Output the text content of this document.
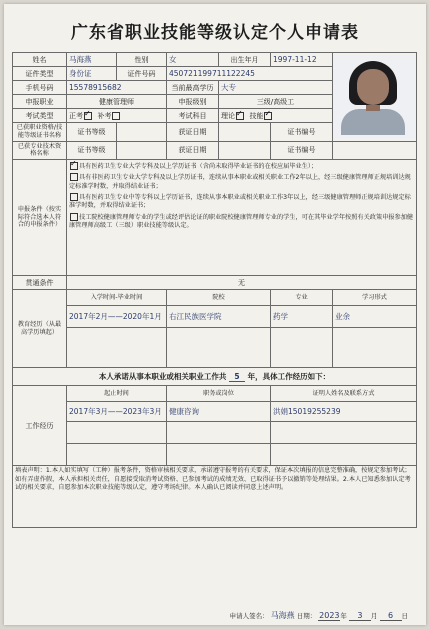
广东省职业技能等级认定个人申请表
姓名	马海燕	性别	女	出生年月	1997-11-12	

证件类型	身份证	证件号码	450721199711122245			
手机号码	15578915682		当前最高学历	大专		
申报职业	健康管理师		申报级别	三级/高级工		
考试类型	正考 ✓ 补考		考试科目	理论 ✓ 技能✓
已获职业资格/技能等级证书名称	证书等级		获证日期		证书编号	
已获专业技术资格名称	证书等级		获证日期		证书编号	
申报条件（按实际符合选本人符合的申报条件）	
✓具有医药卫生专业大学专科及以上学历证书（含尚未取得毕业证书的在校应届毕业生）；
具有非医药卫生专业大学专科及以上学历证书，连续从事本职业或相关职业工作2年以上，经三级健康管理师正规培训达规定标准学时数，并取得结业证书；
具有医药卫生专业中等专科以上学历证书，连续从事本职业或相关职业工作3年以上，经三级健康管理师正规培训达规定标准学时数，并取得结业证书；
技工院校健康管理师专业的学生或经评估论证的职业院校健康管理师专业的学生，可在其毕业学年按照有关政策申报参加健康管理师高级工（三级）职业技能等级认定。

贯通条件	无					
教育经历（从最高学历填起）	入学时间-毕业时间		院校		专业	学习形式
	2017年2月——2020年1月		右江民族医学院		药学	业余

本人承诺从事本职业或相关职业工作共 5 年，具体工作经历如下：						
工作经历	起止时间		职务或岗位		证明人姓名及联系方式	
	2017年3月——2023年3月		健康咨询		洪娟15019255239	

填表声明：1.本人如实填写（工种）报考条件，资格审核相关要求，承诺遵守报考的有关要求，保证本次填报的信息完整准确，按规定参加考试；如有弄虚作假，本人承担相关责任，自愿接受取消考试资格、已参加考试的成绩无效、已取得证书予以撤销等处理结果。2.本人已知悉参加认定考试的相关要求，自愿参加本次职业技能等级认定，遵守考场纪律。本人确认已阅读并同意上述声明。						
申请人签名： 马海燕 日期： 2023年 3 月 6 日
